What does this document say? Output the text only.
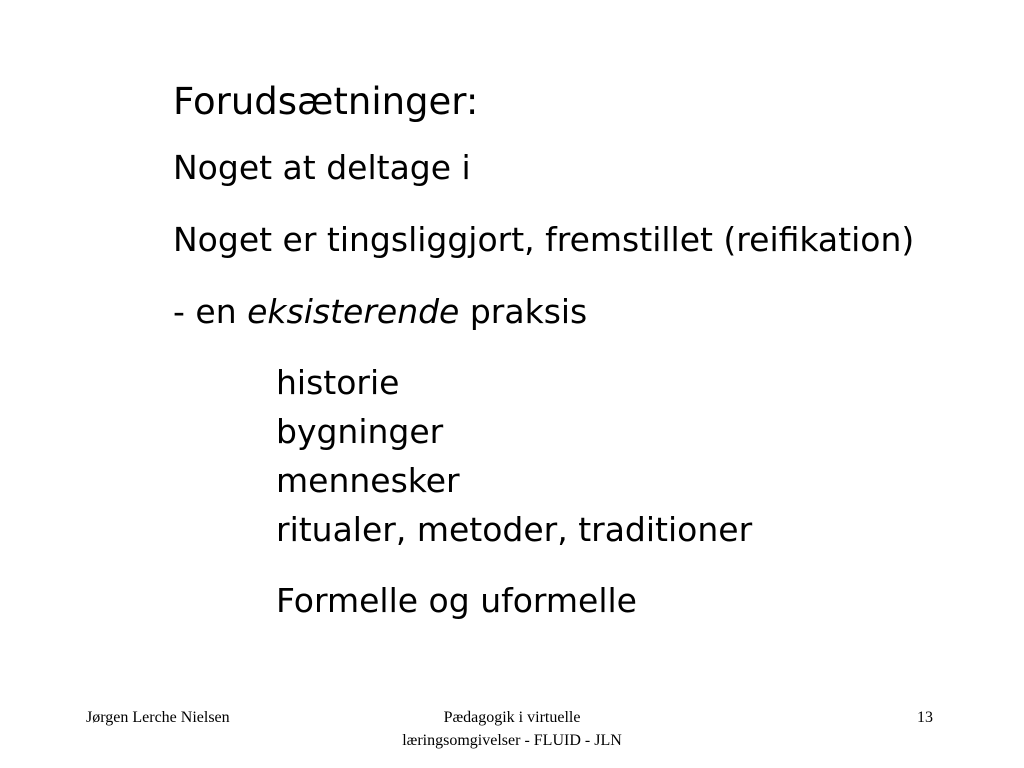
Forudsætninger:

Noget at deltage i

Noget er tingsliggjort, fremstillet (reifikation)

- en eksisterende praksis

historie

bygninger

mennesker

ritualer, metoder, traditioner

Formelle og uformelle

Jørgen Lerche Nielsen	Pædagogik i virtuelle
læringsomgivelser - FLUID - JLN
13
